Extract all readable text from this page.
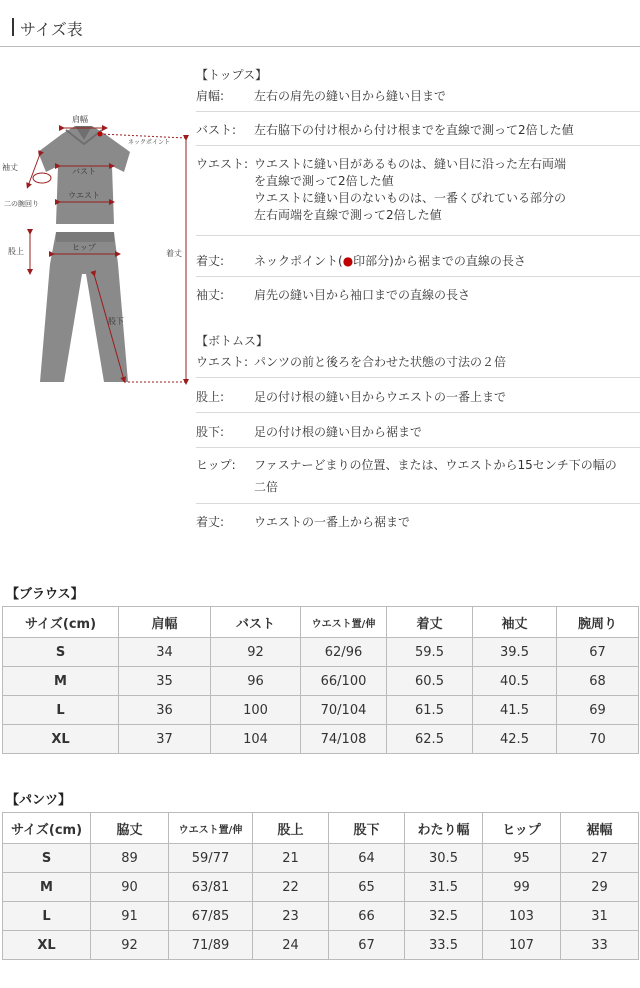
サイズ表
肩幅
ネックポイント
袖丈	バスト
ウエスト
二の腕回り
股上	ヒップ
着丈
股下
【トップス】
肩幅:	左右の肩先の縫い目から縫い目まで
バスト:	左右脇下の付け根から付け根までを直線で測って2倍した値
ウエスト: ウエストに縫い目があるものは、縫い目に沿った左右両端
を直線で測って2倍した値
ウエストに縫い目のないものは、一番くびれている部分の
左右両端を直線で測って2倍した値
着丈:	ネックポイント(●印部分)から裾までの直線の長さ
袖丈:	肩先の縫い目から袖口までの直線の長さ
【ボトムス】
ウエスト: パンツの前と後ろを合わせた状態の寸法の２倍
股上:	足の付け根の縫い目からウエストの一番上まで
股下:	足の付け根の縫い目から裾まで
ヒップ:	ファスナーどまりの位置、または、ウエストから15センチ下の幅の
二倍
着丈:	ウエストの一番上から裾まで
【ブラウス】
サイズ(cm)	肩幅	バスト	ウエスト置/伸	着丈	袖丈	腕周り
S	34	92	62/96	59.5	39.5	67
M	35	96	66/100	60.5	40.5	68
L	36	100	70/104	61.5	41.5	69
XL	37	104	74/108	62.5	42.5	70
【パンツ】
サイズ(cm)	脇丈	ウエスト置/伸	股上	股下	わたり幅	ヒップ	裾幅
S	89	59/77	21	64	30.5	95	27
M	90	63/81	22	65	31.5	99	29
L	91	67/85	23	66	32.5	103	31
XL	92	71/89	24	67	33.5	107	33
